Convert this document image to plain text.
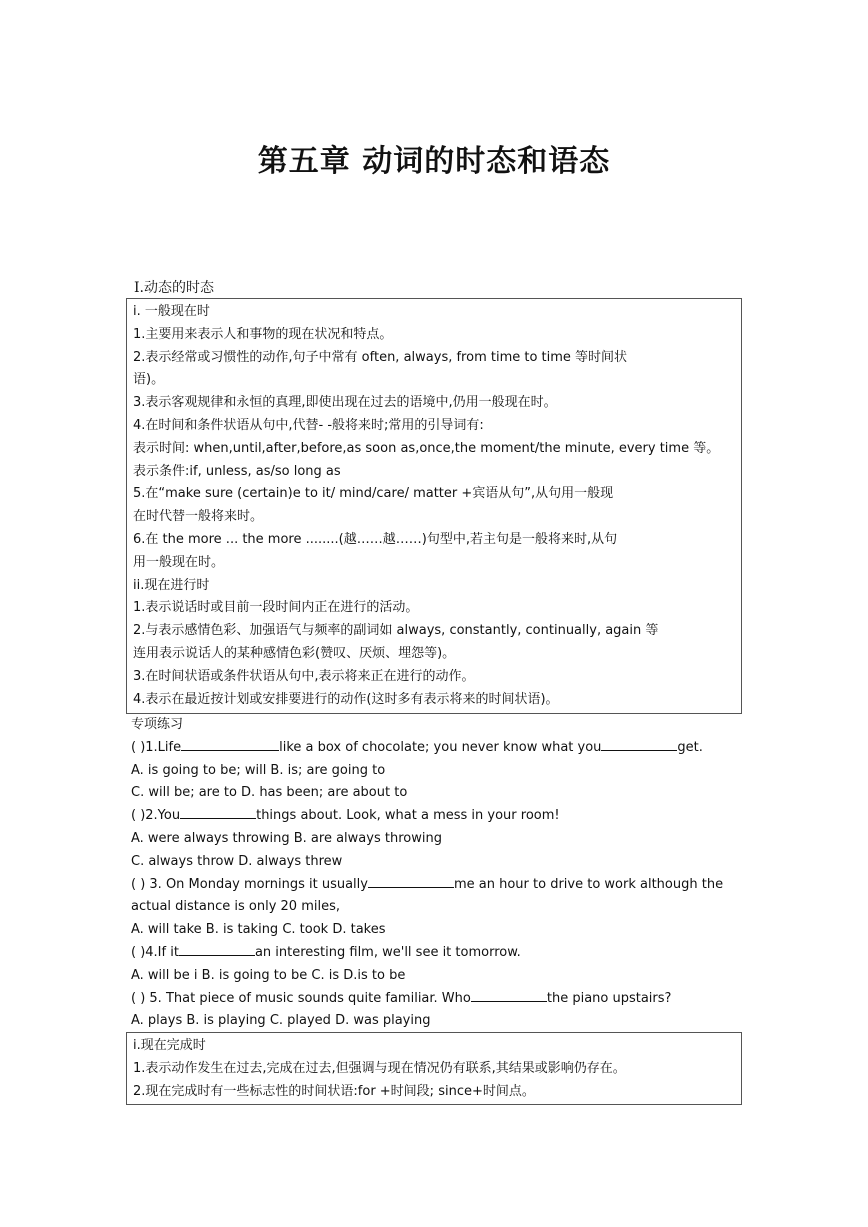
第五章 动词的时态和语态
Ⅰ.动态的时态
i. 一般现在时
1.主要用来表示人和事物的现在状况和特点。
2.表示经常或习惯性的动作,句子中常有 often, always, from time to time 等时间状
语)。
3.表示客观规律和永恒的真理,即使出现在过去的语境中,仍用一般现在时。
4.在时间和条件状语从句中,代替- -般将来时;常用的引导词有:
表示时间: when,until,after,before,as soon as,once,the moment/the minute, every time 等。
表示条件:if, unless, as/so long as
5.在“make sure (certain)e to it/ mind/care/ matter +宾语从句”,从句用一般现
在时代替一般将来时。
6.在 the more ... the more ........(越……越……)句型中,若主句是一般将来时,从句
用一般现在时。
ii.现在进行时
1.表示说话时或目前一段时间内正在进行的活动。
2.与表示感情色彩、加强语气与频率的副词如 always, constantly, continually, again 等
连用表示说话人的某种感情色彩(赞叹、厌烦、埋怨等)。
3.在时间状语或条件状语从句中,表示将来正在进行的动作。
4.表示在最近按计划或安排要进行的动作(这时多有表示将来的时间状语)。
专项练习
( )1.Life	like a box of chocolate; you never know what you	get.
A. is going to be; will B. is; are going to
C. will be; are to D. has been; are about to
( )2.You	things about. Look, what a mess in your room!
A. were always throwing B. are always throwing
C. always throw D. always threw
( ) 3. On Monday mornings it usually	me an hour to drive to work although the
actual distance is only 20 miles,
A. will take B. is taking C. took D. takes
( )4.If it	an interesting film, we'll see it tomorrow.
A. will be i B. is going to be C. is D.is to be
( ) 5. That piece of music sounds quite familiar. Who	the piano upstairs?
A. plays B. is playing C. played D. was playing
i.现在完成时
1.表示动作发生在过去,完成在过去,但强调与现在情况仍有联系,其结果或影响仍存在。
2.现在完成时有一些标志性的时间状语:for +时间段; since+时间点。
